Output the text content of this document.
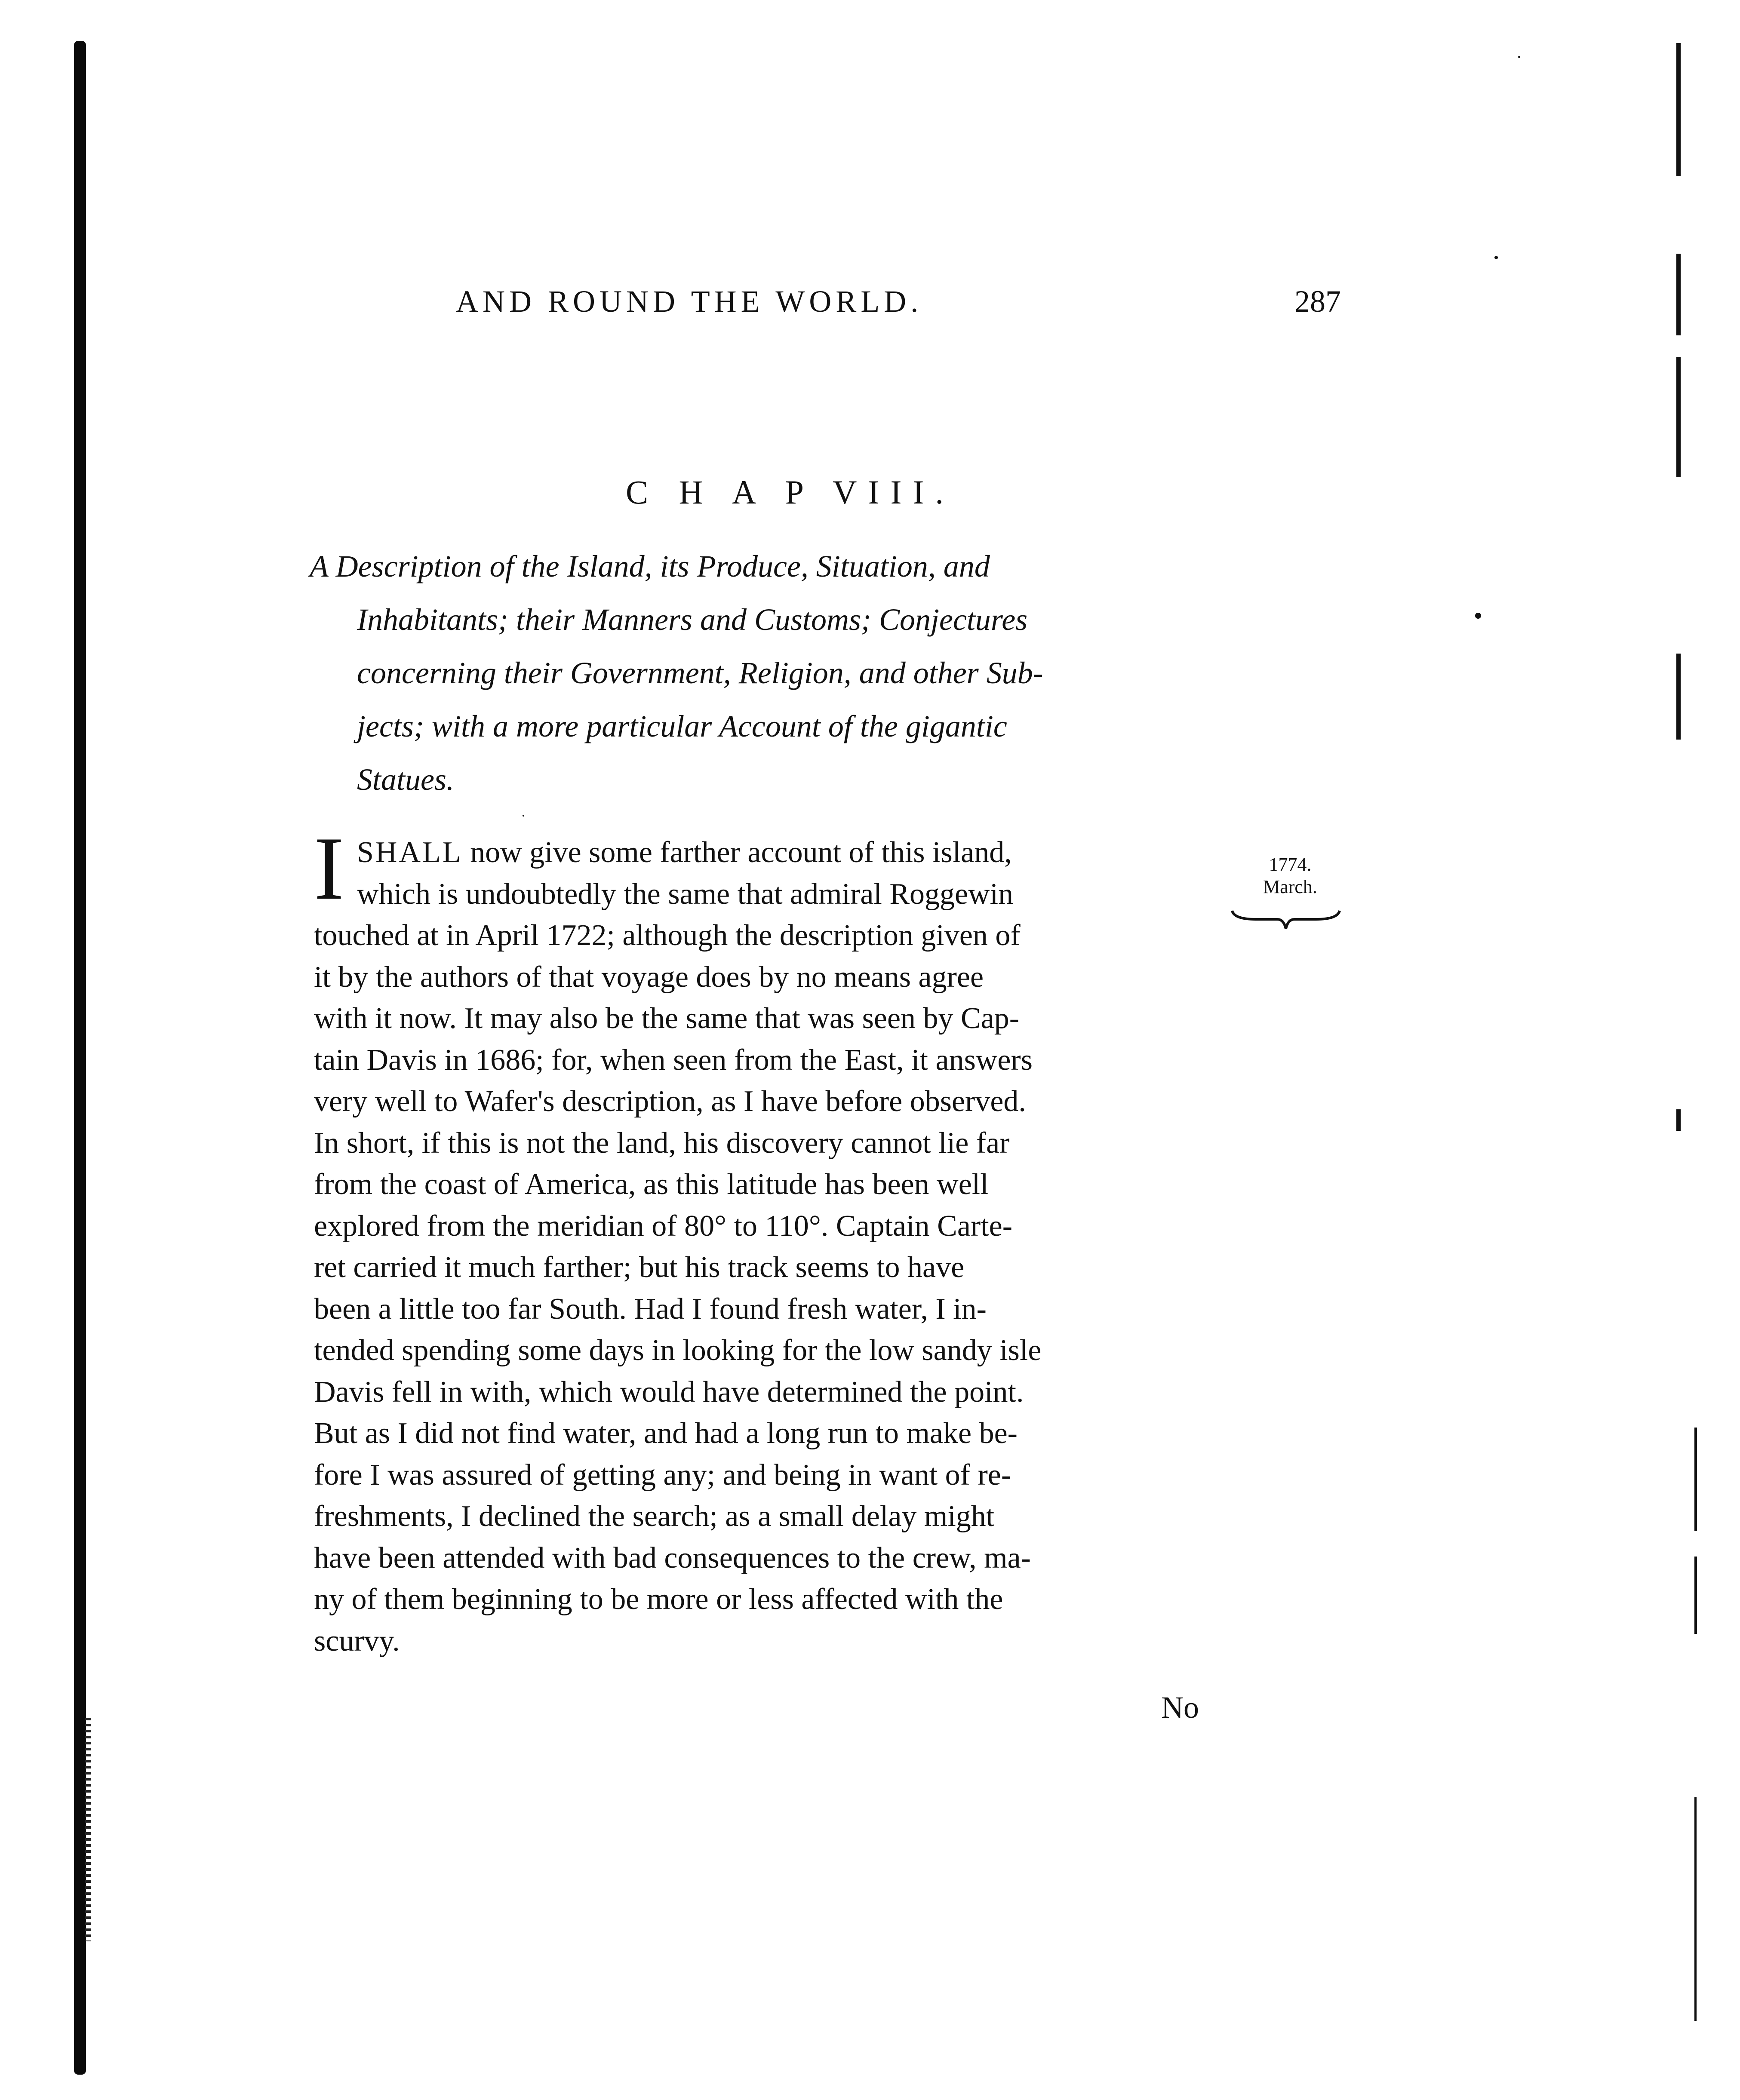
AND ROUND THE WORLD.	287
C H A P VIII.
A Description of the Island, its Produce, Situation, and
Inhabitants; their Manners and Customs; Conjectures
concerning their Government, Religion, and other Sub-
jects; with a more particular Account of the gigantic
Statues.
I SHALL now give some farther account of this island,
which is undoubtedly the same that admiral Roggewin
touched at in April 1722; although the description given of
it by the authors of that voyage does by no means agree
with it now. It may also be the same that was seen by Cap-
tain Davis in 1686; for, when seen from the East, it answers
very well to Wafer's description, as I have before observed.
In short, if this is not the land, his discovery cannot lie far
from the coast of America, as this latitude has been well
explored from the meridian of 80° to 110°. Captain Carte-
ret carried it much farther; but his track seems to have
been a little too far South. Had I found fresh water, I in-
tended spending some days in looking for the low sandy isle
Davis fell in with, which would have determined the point.
But as I did not find water, and had a long run to make be-
fore I was assured of getting any; and being in want of re-
freshments, I declined the search; as a small delay might
have been attended with bad consequences to the crew, ma-
ny of them beginning to be more or less affected with the
scurvy.
1774.
March.
No
